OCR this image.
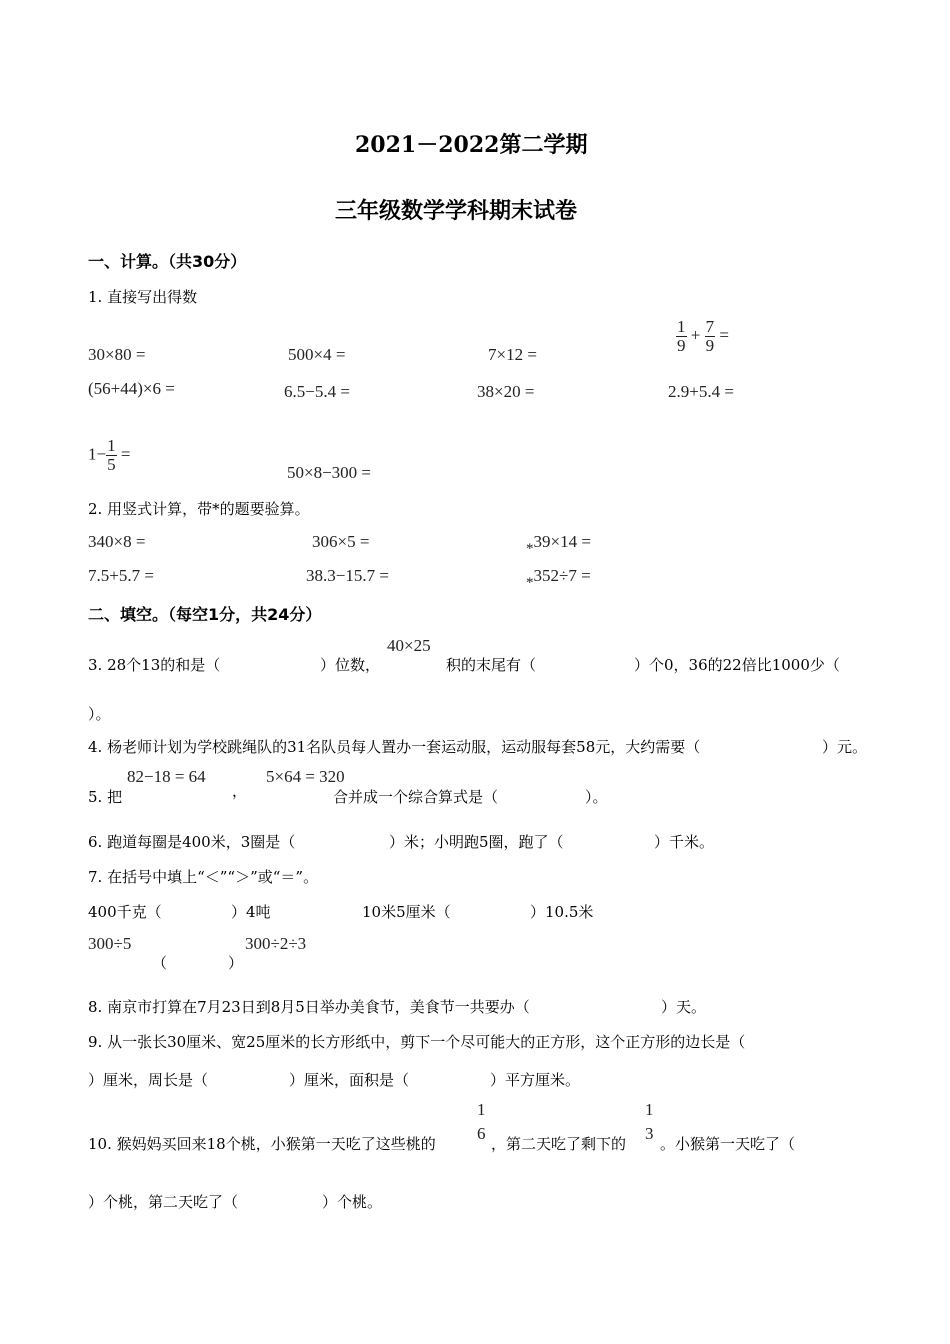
2021－2022第二学期
三年级数学学科期末试卷
一、计算。（共30分）
1. 直接写出得数
30×80 =	500×4 =	7×12 =	$\frac{1}{9} + \frac{7}{9}$ =
(56+44)×6 =	6.5−5.4 =	38×20 =	2.9+5.4 =
$1- \frac{1}{5}$ =
50×8−300 =
2. 用竖式计算，带*的题要验算。
340×8 =	306×5 =	*39×14 =
7.5+5.7 =	38.3−15.7 =	*352÷7 =
二、填空。（每空1分，共24分）
3. 28个13的和是（	）位数，
40×25
积的末尾有（	）个0，36的22倍比1000少（
）。
4. 杨老师计划为学校跳绳队的31名队员每人置办一套运动服，运动服每套58元，大约需要（	）元。
5. 把
82−18 = 64
，
5×64 = 320
合并成一个综合算式是（	）。
6. 跑道每圈是400米，3圈是（	）米；小明跑5圈，跑了（	）千米。
7. 在括号中填上“＜”“＞”或“＝”。
400千克（	）4吨	10米5厘米（	）10.5米
300÷5
（	）
300÷2÷3
8. 南京市打算在7月23日到8月5日举办美食节，美食节一共要办（	）天。
9. 从一张长30厘米、宽25厘米的长方形纸中，剪下一个尽可能大的正方形，这个正方形的边长是（
）厘米，周长是（	）厘米，面积是（	）平方厘米。
10. 猴妈妈买回来18个桃，小猴第一天吃了这些桃的
1
6
，第二天吃了剩下的
1
3
。小猴第一天吃了（
）个桃，第二天吃了（	）个桃。
